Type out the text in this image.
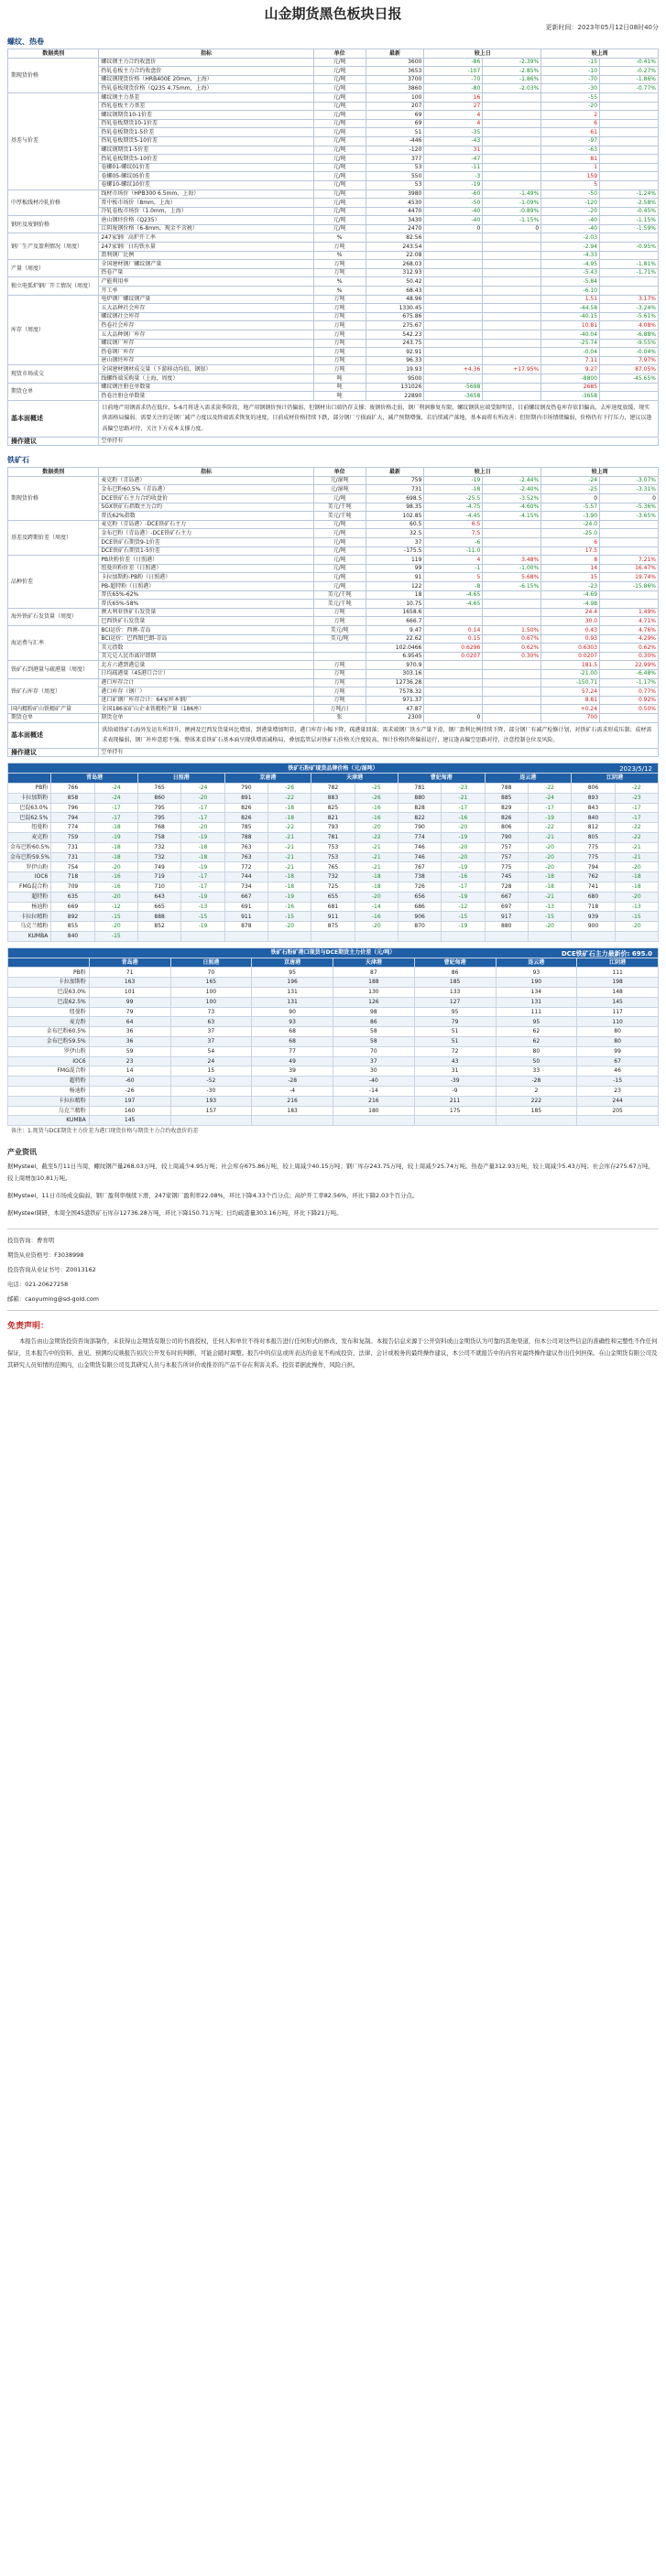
山金期货黑色板块日报
更新时间：2023年05月12日08时40分
螺纹、热卷
数据类别	指标	单位	最新	较上日		较上周	
期现货价格	螺纹钢主力合约收盘价	元/吨	3600	-86	-2.39%	-15	-0.41%
	热轧卷板主力合约收盘价	元/吨	3653	-107	-2.85%	-10	-0.27%
	螺纹钢现货价格（HRB400E 20mm，上海）	元/吨	3700	-70	-1.86%	-70	-1.86%
	热轧卷板现货价格（Q235 4.75mm，上海）	元/吨	3860	-80	-2.03%	-30	-0.77%
基差与价差	螺纹钢主力基差	元/吨	100	16		-55	
	热轧卷板主力基差	元/吨	207	27		-20	
	螺纹钢期货10-1价差	元/吨	69	4		2	
	热轧卷板期货10-1价差	元/吨	69	4		6	
	热轧卷板期货1-5价差	元/吨	51	-35		61	
	热轧卷板期货5-10价差	元/吨	-446	-43		-97	
	螺纹钢期货1-5价差	元/吨	-120	31		-63	
	热轧卷板期货5-10价差	元/吨	377	-47		81	
	卷螺01-螺纹01价差	元/吨	53	-11		1	
	卷螺05-螺纹05价差	元/吨	550	-3		159	
	卷螺10-螺纹10价差	元/吨	53	-19		5	
中厚板线材冷轧价格	线材市场价（HPB300 6.5mm，上海）	元/吨	3980	-60	-1.49%	-50	-1.24%
	普中板市场价（8mm，上海）	元/吨	4530	-50	-1.09%	-120	-2.58%
	冷轧卷板市场价（1.0mm，上海）	元/吨	4470	-40	-0.89%	-20	-0.45%
钢坯及废钢价格	唐山钢坯价格（Q235）	元/吨	3430	-40	-1.15%	-40	-1.15%
	江阴废钢价格（6-8mm，现金不含税）	元/吨	2470	0	0	-40	-1.59%
钢厂生产及盈利情况（周度）	247家钢厂高炉开工率	%	82.56			-2.03	
	247家钢厂日均铁水量	万吨	243.54			-2.94	-0.95%
	盈利钢厂比例	%	22.08			-4.33	
产量（周度）	全国建材钢厂螺纹钢产量	万吨	268.03			-4.95	-1.81%
	热卷产量	万吨	312.93			-5.43	-1.71%
独立电弧炉钢厂开工情况（周度）	产能利用率	%	50.42			-5.84	
	开工率	%	68.43			-6.10	
库存（周度）	电炉钢厂螺纹钢产量	万吨	48.96			1.51	3.17%
	五大品种社会库存	万吨	1330.45			-44.58	-3.24%
	螺纹钢社会库存	万吨	675.86			-40.15	-5.61%
	热卷社会库存	万吨	275.67			10.81	4.08%
	五大品种钢厂库存	万吨	542.23			-40.04	-6.88%
	螺纹钢厂库存	万吨	243.75			-25.74	-9.55%
	热卷钢厂库存	万吨	92.91			-0.04	-0.04%
	唐山钢坯库存	万吨	96.33			7.11	7.97%
现货市场成交	全国建材钢材成交量（下游移动均值，钢银）	万吨	19.93	+4.36	+17.95%	9.27	87.05%
	线螺终端采购量（上海，周度）	吨	9500			-8800	-45.65%
期货仓单	螺纹钢注册仓单数量	吨	131026	-5698		2685	
	热卷注册仓单数量	吨	22890	-3658		-3658	
基本面概述	目前地产用钢需求仍在低位，5-6月将进入需求淡季阶段，地产用钢钢价预计仍偏弱，但钢材出口端仍存支撑；废钢价格走弱，钢厂利润修复有限，螺纹钢供应端受限明显，目前螺纹钢及热卷库存依旧偏高，去库速度放缓，现实供需格局偏弱。需要关注的是钢厂减产力度以及终端需求恢复的速度，目前成材价格持续下跌，部分钢厂亏损面扩大，减产预期增强，若后续减产落地，基本面将有所改善；但短期内市场情绪偏弱，价格仍有下行压力，建议以逢高偏空思路对待，关注下方成本支撑力度。						
操作建议	空单持有						
铁矿石
数据类别	指标	单位	最新	较上日		较上周	
期现货价格	麦克粉（青岛港）	元/湿吨	759	-19	-2.44%	-24	-3.07%
	金布巴粉60.5%（青岛港）	元/湿吨	731	-18	-2.40%	-25	-3.31%
	DCE铁矿石主力合约收盘价	元/吨	698.5	-25.5	-3.52%	0	0
	SGX铁矿石指数主力合约	美元/干吨	98.35	-4.75	-4.60%	-5.57	-5.36%
	普氏62%指数	美元/干吨	102.85	-4.45	-4.15%	-3.90	-3.65%
基差及跨期价差（周度）	麦克粉（青岛港）-DCE铁矿石主力	元/吨	60.5	6.5		-24.0	
	金布巴粉（青岛港）-DCE铁矿石主力	元/吨	32.5	7.5		-25.0	
	DCE铁矿石期货9-1价差	元/吨	37	-6		6	
	DCE铁矿石期货1-5价差	元/吨	-175.5	-11.0		17.5	
品种价差	PB块粉价差（日照港）	元/吨	119	4	3.48%	8	7.21%
	纽曼块粉价差（日照港）	元/吨	99	-1	-1.00%	14	16.47%
	卡拉加斯粉-PB粉（日照港）	元/吨	91	5	5.68%	15	19.74%
	PB-超特粉（日照港）	元/吨	122	-8	-6.15%	-23	-15.86%
	普氏65%-62%	美元/干吨	18	-4.65		-4.69	
	普氏65%-58%	美元/干吨	10.75	-4.65		-4.98	
海外铁矿石发货量（周度）	澳大利亚铁矿石发货量	万吨	1658.6			24.4	1.49%
	巴西铁矿石发货量	万吨	666.7			30.0	4.71%
海运费与汇率	BCI运价：西澳-青岛	美元/吨	9.47	0.14	1.50%	0.43	4.76%
	BCI运价：巴西图巴朗-青岛	美元/吨	22.62	0.15	0.67%	0.93	4.29%
	美元指数		102.0466	0.6296	0.62%	0.6303	0.62%
	美元兑人民币离岸即期		6.9545	0.0207	0.30%	0.0207	0.30%
铁矿石到港量与疏港量（周度）	北方六港到港总量	万吨	970.9			181.5	22.99%
	日均疏港量（45港口合计）	万吨	303.16			-21.00	-6.48%
铁矿石库存（周度）	港口库存合计	万吨	12736.28			-150.71	-1.17%
	港口库存（钢厂）	万吨	7578.32			57.24	0.77%
	进口矿钢厂库存合计：64家样本钢厂	万吨	971.37			8.81	0.92%
国内精粉矿山铁精矿产量	全国186家矿山企业铁精粉产量（186座）	万吨/日	47.87			+0.24	0.50%
期货仓单	期货仓单	张	2300	0		700	
基本面概述	供给端铁矿石海外发运有所回升，澳洲及巴西发货量环比增加，到港量增加明显，港口库存小幅下降，疏港量回落；需求端钢厂铁水产量下滑，钢厂盈利比例持续下降，部分钢厂有减产检修计划，对铁矿石需求形成压制；成材需求表现偏弱，钢厂补库意愿不强。整体来看铁矿石基本面呈现供增需减格局，叠加监管层对铁矿石价格关注度较高，预计价格仍将偏弱运行，建议逢高偏空思路对待，注意控制仓位及风险。						
操作建议	空单持有						
铁矿石粉矿现货品牌价格（元/湿吨） 2023/5/12														

	青岛港		日照港		京唐港		天津港		曹妃甸港		连云港		江阴港	
PB粉	766	-24	765	-24	790	-26	782	-25	781	-23	788	-22	806	-22
卡拉加斯粉	858	-24	860	-20	891	-22	883	-26	880	-21	885	-24	893	-23
巴混63.0%	796	-17	795	-17	826	-18	825	-16	828	-17	829	-17	843	-17
巴混62.5%	794	-17	795	-17	826	-18	821	-16	822	-16	826	-19	840	-17
纽曼粉	774	-18	768	-20	785	-22	793	-20	790	-20	806	-22	812	-22
麦克粉	759	-19	758	-19	788	-21	781	-22	774	-19	790	-21	805	-22
金布巴粉60.5%	731	-18	732	-18	763	-21	753	-21	746	-20	757	-20	775	-21
金布巴粉59.5%	731	-18	732	-18	763	-21	753	-21	746	-20	757	-20	775	-21
罗伊山粉	754	-20	749	-19	772	-21	765	-21	767	-19	775	-20	794	-20
IOC6	718	-16	719	-17	744	-18	732	-18	738	-16	745	-18	762	-18
FMG混合粉	709	-16	710	-17	734	-18	725	-18	726	-17	728	-18	741	-18
超特粉	635	-20	643	-19	667	-19	655	-20	656	-19	667	-21	680	-20
杨迪粉	669	-12	665	-13	691	-16	681	-14	686	-12	697	-13	718	-13
卡拉拉精粉	892	-15	888	-15	911	-15	911	-16	906	-15	917	-15	939	-15
乌克兰精粉	855	-20	852	-19	878	-20	875	-20	870	-19	880	-20	900	-20
KUMBA	840	-15												
铁矿石粉矿港口现货与DCE期货主力价差（元/吨） DCE铁矿石主力最新价: 695.0							

	青岛港	日照港	京唐港	天津港	曹妃甸港	连云港	江阴港
PB粉	71	70	95	87	86	93	111
卡拉加斯粉	163	165	196	188	185	190	198
巴混63.0%	101	100	131	130	133	134	148
巴混62.5%	99	100	131	126	127	131	145
纽曼粉	79	73	90	98	95	111	117
麦克粉	64	63	93	86	79	95	110
金布巴粉60.5%	36	37	68	58	51	62	80
金布巴粉59.5%	36	37	68	58	51	62	80
罗伊山粉	59	54	77	70	72	80	99
IOC6	23	24	49	37	43	50	67
FMG混合粉	14	15	39	30	31	33	46
超特粉	-60	-52	-28	-40	-39	-28	-15
杨迪粉	-26	-30	-4	-14	-9	2	23
卡拉拉精粉	197	193	216	216	211	222	244
乌克兰精粉	160	157	183	180	175	185	205
KUMBA	145						
备注：1.现货与DCE期货主力价差为港口现货价格与期货主力合约收盘价的差
产业资讯
据Mysteel，截至5月11日当周，螺纹钢产量268.03万吨，较上周减少4.95万吨；社会库存675.86万吨，较上周减少40.15万吨；钢厂库存243.75万吨，较上周减少25.74万吨。热卷产量312.93万吨，较上周减少5.43万吨；社会库存275.67万吨，较上周增加10.81万吨。
据Mysteel，11日市场成交偏弱，钢厂盈利率继续下滑，247家钢厂盈利率22.08%，环比下降4.33个百分点；高炉开工率82.56%，环比下降2.03个百分点。
据Mysteel调研，本周全国45港铁矿石库存12736.28万吨，环比下降150.71万吨；日均疏港量303.16万吨，环比下降21万吨。
投资咨询：曹育明
期货从业资格号：F3038998
投资咨询从业证书号：Z0013162
电话：021-20627258
邮箱：caoyuming@sd-gold.com
免责声明：
本报告由山金期货投资咨询部制作，未获得山金期货有限公司的书面授权，任何人和单位不得对本报告进行任何形式的修改、发布和复制。本报告信息来源于公开资料或山金期货认为可靠的其他渠道，但本公司对这些信息的准确性和完整性不作任何保证，且本报告中的资料、意见、预测均反映报告初次公开发布时的判断，可能会随时调整。报告中的信息或所表达的意见不构成投资、法律、会计或税务的最终操作建议，本公司不就报告中的内容对最终操作建议作出任何担保。在山金期货有限公司及其研究人员知情的范围内，山金期货有限公司及其研究人员与本报告所评价或推荐的产品不存在利害关系。投资者据此操作，风险自担。
